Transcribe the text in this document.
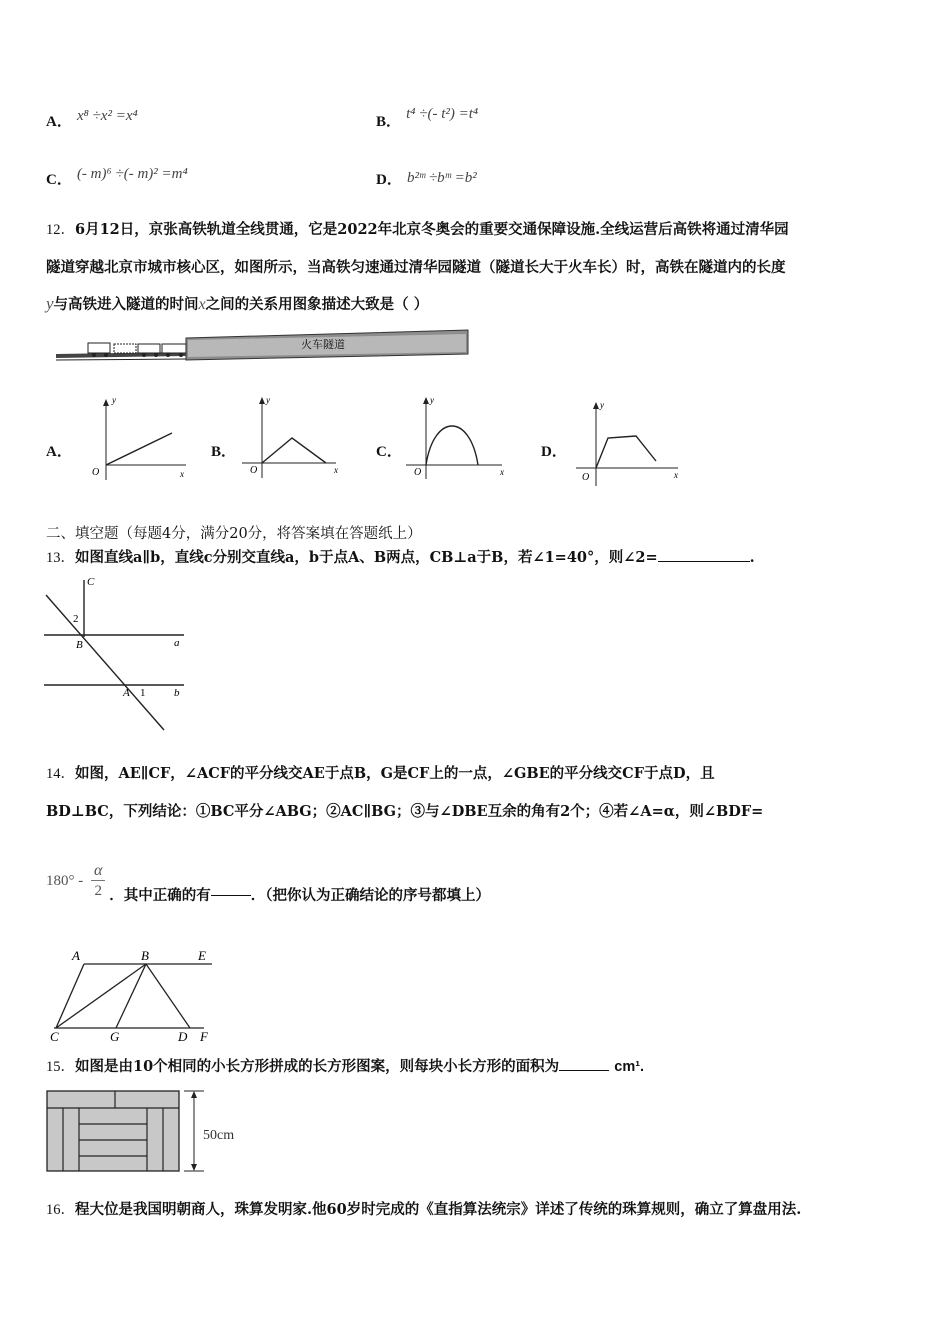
A． x⁸ ÷x² =x⁴	B． t⁴ ÷(- t²) =t⁴
C． (- m)⁶ ÷(- m)² =m⁴	D． b²ᵐ ÷bᵐ =b²
12．6月12日，京张高铁轨道全线贯通，它是2022年北京冬奥会的重要交通保障设施.全线运营后高铁将通过清华园
隧道穿越北京市城市核心区，如图所示，当高铁匀速通过清华园隧道（隧道长大于火车长）时，高铁在隧道内的长度
y与高铁进入隧道的时间x之间的关系用图象描述大致是（ ）
火车隧道
A．
y
x
O
B．
y
x
O
C．
y
x
O
D．
y
x
O
二、填空题（每题4分，满分20分，将答案填在答题纸上）
13．如图直线a∥b，直线c分别交直线a，b于点A、B两点，CB⊥a于B，若∠1=40°，则∠2=	.
C
2
B	a
A 1	b
14．如图，AE∥CF，∠ACF的平分线交AE于点B，G是CF上的一点，∠GBE的平分线交CF于点D，且
BD⊥BC，下列结论：①BC平分∠ABG；②AC∥BG；③与∠DBE互余的角有2个；④若∠A=α，则∠BDF=
180° -
α
2 ．其中正确的有	．（把你认为正确结论的序号都填上）
A	B	E
C	G	D F
15．如图是由10个相同的小长方形拼成的长方形图案，则每块小长方形的面积为	cm¹.
50cm
16．程大位是我国明朝商人，珠算发明家.他60岁时完成的《直指算法统宗》详述了传统的珠算规则，确立了算盘用法.
